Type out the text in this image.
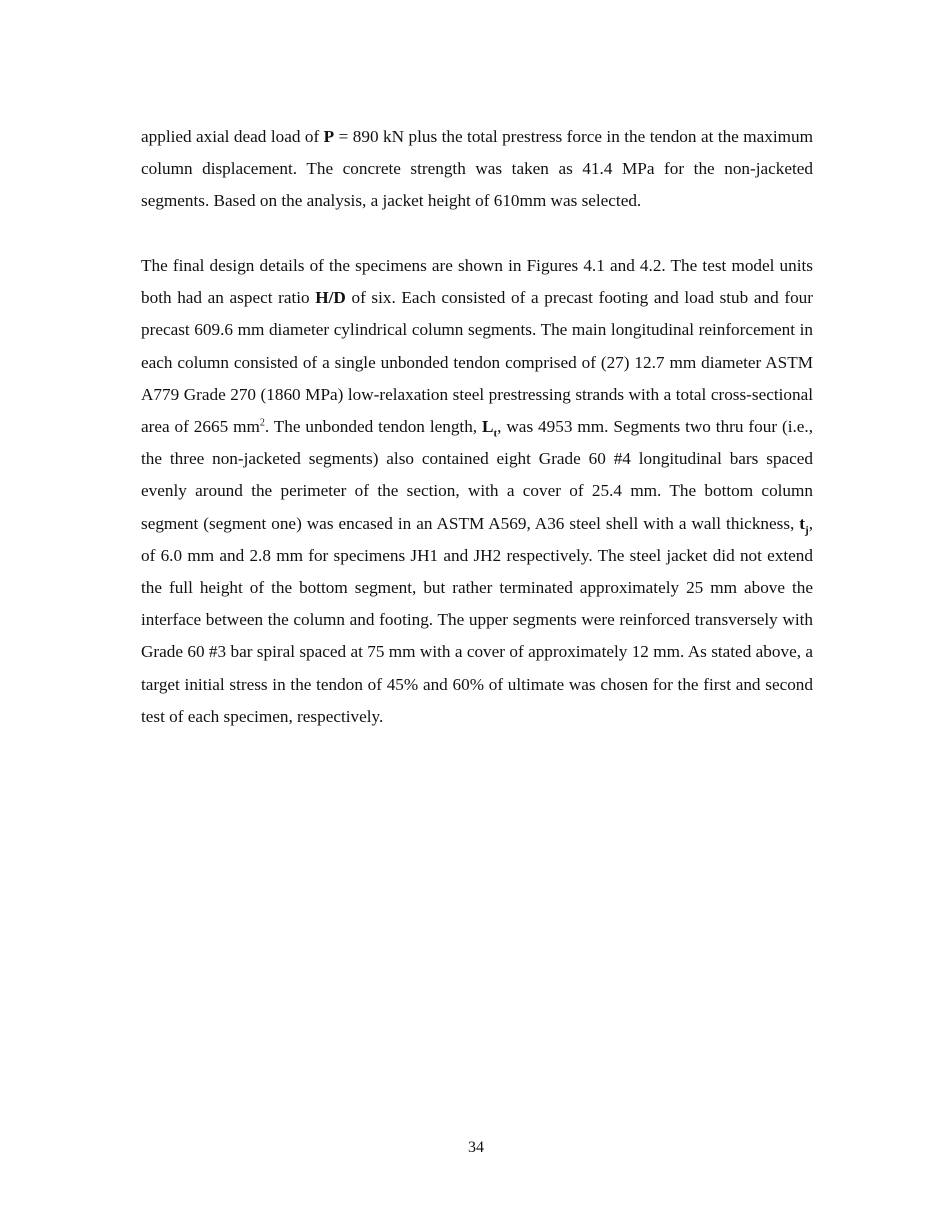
applied axial dead load of P = 890 kN plus the total prestress force in the tendon at the maximum column displacement. The concrete strength was taken as 41.4 MPa for the non-jacketed segments. Based on the analysis, a jacket height of 610mm was selected.

The final design details of the specimens are shown in Figures 4.1 and 4.2. The test model units both had an aspect ratio H/D of six. Each consisted of a precast footing and load stub and four precast 609.6 mm diameter cylindrical column segments. The main longitudinal reinforcement in each column consisted of a single unbonded tendon comprised of (27) 12.7 mm diameter ASTM A779 Grade 270 (1860 MPa) low-relaxation steel prestressing strands with a total cross-sectional area of 2665 $mm^2$. The unbonded tendon length, $L_t$, was 4953 mm. Segments two thru four (i.e., the three non-jacketed segments) also contained eight Grade 60 #4 longitudinal bars spaced evenly around the perimeter of the section, with a cover of 25.4 mm. The bottom column segment (segment one) was encased in an ASTM A569, A36 steel shell with a wall thickness, $t_j$, of 6.0 mm and 2.8 mm for specimens JH1 and JH2 respectively. The steel jacket did not extend the full height of the bottom segment, but rather terminated approximately 25 mm above the interface between the column and footing. The upper segments were reinforced transversely with Grade 60 #3 bar spiral spaced at 75 mm with a cover of approximately 12 mm. As stated above, a target initial stress in the tendon of 45% and 60% of ultimate was chosen for the first and second test of each specimen, respectively.

34
